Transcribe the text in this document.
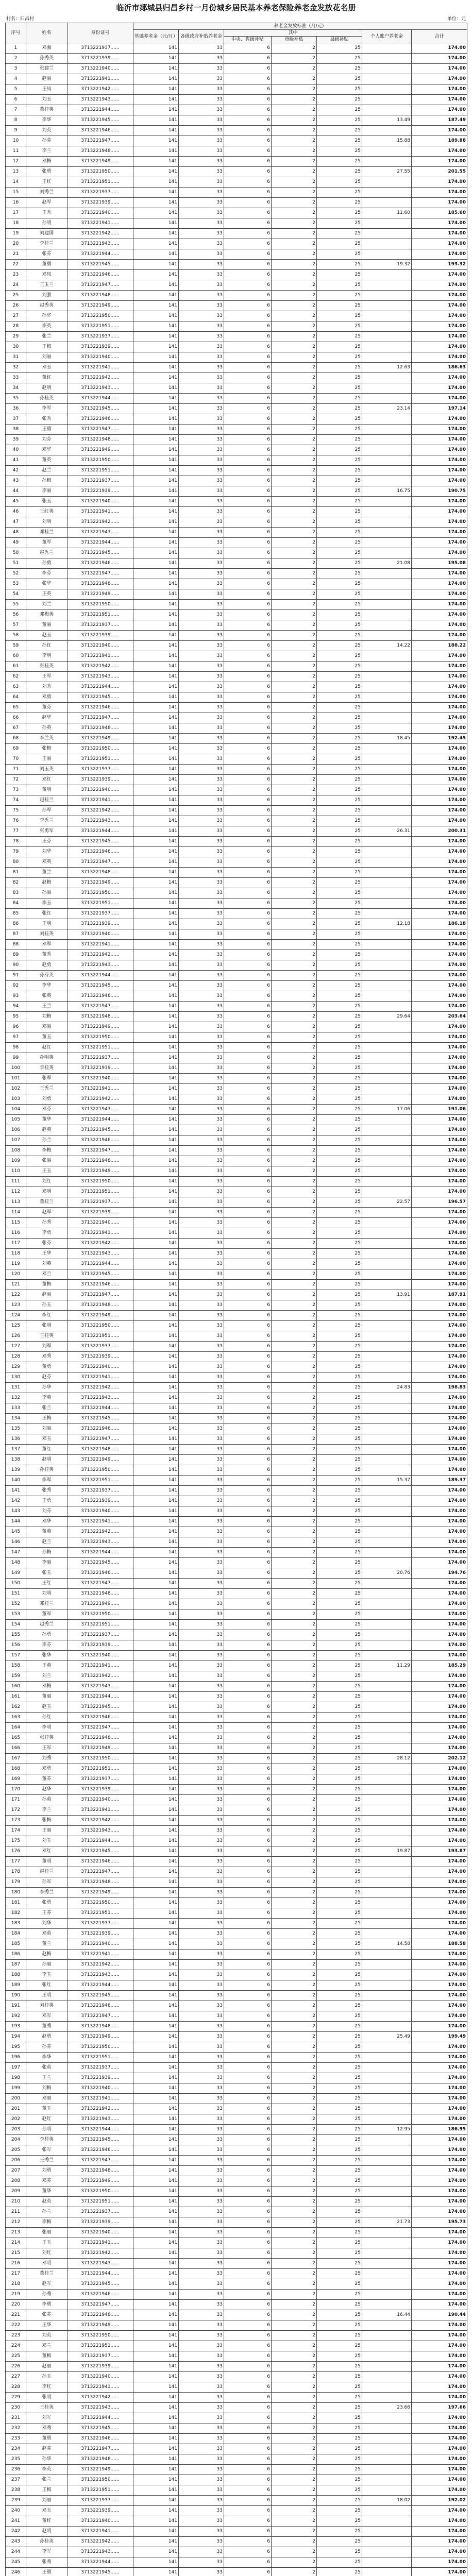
临沂市郯城县归昌乡村一月份城乡居民基本养老保险养老金发放花名册
村名：归昌村	单位：元
序号	姓名	身份证号	养老金发放标准（月/元）						
			基础养老金（元/月）	各级政府补贴养老金	其中			个人账户养老金	合计
					中央、省级补贴	市级补贴	县级补贴		
1	邓强	3713221937......	141	33	6	2	25		174.00
2	孙秀英	3713221939......	141	33	6	2	25		174.00
3	张建兰	3713221940......	141	33	6	2	25		174.00
4	赵丽	3713221941......	141	33	6	2	25		174.00
5	王凤	3713221942......	141	33	6	2	25		174.00
6	刘玉	3713221943......	141	33	6	2	25		174.00
7	董桂英	3713221944......	141	33	6	2	25		174.00
8	李华	3713221945......	141	33	6	2	25	13.49	187.49
9	刘英	3713221946......	141	33	6	2	25		174.00
10	孙芬	3713221947......	141	33	6	2	25	15.88	189.88
11	李兰	3713221948......	141	33	6	2	25		174.00
12	邓梅	3713221949......	141	33	6	2	25		174.00
13	张勇	3713221950......	141	33	6	2	25	27.55	201.55
14	王红	3713221951......	141	33	6	2	25		174.00
15	刘秀兰	3713221937......	141	33	6	2	25		174.00
16	赵军	3713221939......	141	33	6	2	25		174.00
17	王秀	3713221940......	141	33	6	2	25	11.60	185.60
18	孙明	3713221941......	141	33	6	2	25		174.00
19	刘建国	3713221942......	141	33	6	2	25		174.00
20	李桂兰	3713221943......	141	33	6	2	25		174.00
21	张芬	3713221944......	141	33	6	2	25		174.00
22	董勇	3713221945......	141	33	6	2	25	19.32	193.32
23	邓凤	3713221946......	141	33	6	2	25		174.00
24	王玉兰	3713221947......	141	33	6	2	25		174.00
25	刘强	3713221948......	141	33	6	2	25		174.00
26	赵秀英	3713221949......	141	33	6	2	25		174.00
27	孙华	3713221950......	141	33	6	2	25		174.00
28	李英	3713221951......	141	33	6	2	25		174.00
29	张兰	3713221937......	141	33	6	2	25		174.00
30	王梅	3713221939......	141	33	6	2	25		174.00
31	刘丽	3713221940......	141	33	6	2	25		174.00
32	邓玉	3713221941......	141	33	6	2	25	12.63	186.63
33	董红	3713221942......	141	33	6	2	25		174.00
34	赵明	3713221943......	141	33	6	2	25		174.00
35	孙桂英	3713221944......	141	33	6	2	25		174.00
36	李军	3713221945......	141	33	6	2	25	23.14	197.14
37	张秀	3713221946......	141	33	6	2	25		174.00
38	王勇	3713221947......	141	33	6	2	25		174.00
39	刘芬	3713221948......	141	33	6	2	25		174.00
40	邓华	3713221949......	141	33	6	2	25		174.00
41	董英	3713221950......	141	33	6	2	25		174.00
42	赵兰	3713221951......	141	33	6	2	25		174.00
43	孙梅	3713221937......	141	33	6	2	25		174.00
44	李丽	3713221939......	141	33	6	2	25	16.75	190.75
45	张玉	3713221940......	141	33	6	2	25		174.00
46	王红英	3713221941......	141	33	6	2	25		174.00
47	刘明	3713221942......	141	33	6	2	25		174.00
48	邓桂兰	3713221943......	141	33	6	2	25		174.00
49	董军	3713221944......	141	33	6	2	25		174.00
50	赵秀兰	3713221945......	141	33	6	2	25		174.00
51	孙勇	3713221946......	141	33	6	2	25	21.08	195.08
52	李芬	3713221947......	141	33	6	2	25		174.00
53	张华	3713221948......	141	33	6	2	25		174.00
54	王英	3713221949......	141	33	6	2	25		174.00
55	刘兰	3713221950......	141	33	6	2	25		174.00
56	邓梅英	3713221951......	141	33	6	2	25		174.00
57	董丽	3713221937......	141	33	6	2	25		174.00
58	赵玉	3713221939......	141	33	6	2	25		174.00
59	孙红	3713221940......	141	33	6	2	25	14.22	188.22
60	李明	3713221941......	141	33	6	2	25		174.00
61	张桂英	3713221942......	141	33	6	2	25		174.00
62	王军	3713221943......	141	33	6	2	25		174.00
63	刘秀	3713221944......	141	33	6	2	25		174.00
64	邓勇	3713221945......	141	33	6	2	25		174.00
65	董芬	3713221946......	141	33	6	2	25		174.00
66	赵华	3713221947......	141	33	6	2	25		174.00
67	孙英	3713221948......	141	33	6	2	25		174.00
68	李兰英	3713221949......	141	33	6	2	25	18.45	192.45
69	张梅	3713221950......	141	33	6	2	25		174.00
70	王丽	3713221951......	141	33	6	2	25		174.00
71	刘玉英	3713221937......	141	33	6	2	25		174.00
72	邓红	3713221939......	141	33	6	2	25		174.00
73	董明	3713221940......	141	33	6	2	25		174.00
74	赵桂兰	3713221941......	141	33	6	2	25		174.00
75	孙军	3713221942......	141	33	6	2	25		174.00
76	李秀兰	3713221943......	141	33	6	2	25		174.00
77	张勇军	3713221944......	141	33	6	2	25	26.31	200.31
78	王芬	3713221945......	141	33	6	2	25		174.00
79	刘华	3713221946......	141	33	6	2	25		174.00
80	邓英	3713221947......	141	33	6	2	25		174.00
81	董兰	3713221948......	141	33	6	2	25		174.00
82	赵梅	3713221949......	141	33	6	2	25		174.00
83	孙丽	3713221950......	141	33	6	2	25		174.00
84	李玉	3713221951......	141	33	6	2	25		174.00
85	张红	3713221937......	141	33	6	2	25		174.00
86	王明	3713221939......	141	33	6	2	25	12.18	186.18
87	刘桂英	3713221940......	141	33	6	2	25		174.00
88	邓军	3713221941......	141	33	6	2	25		174.00
89	董秀	3713221942......	141	33	6	2	25		174.00
90	赵勇	3713221943......	141	33	6	2	25		174.00
91	孙芬英	3713221944......	141	33	6	2	25		174.00
92	李华	3713221945......	141	33	6	2	25		174.00
93	张英	3713221946......	141	33	6	2	25		174.00
94	王兰	3713221947......	141	33	6	2	25		174.00
95	刘梅	3713221948......	141	33	6	2	25	29.64	203.64
96	邓丽	3713221949......	141	33	6	2	25		174.00
97	董玉	3713221950......	141	33	6	2	25		174.00
98	赵红	3713221951......	141	33	6	2	25		174.00
99	孙明英	3713221937......	141	33	6	2	25		174.00
100	李桂英	3713221939......	141	33	6	2	25		174.00
101	张军	3713221940......	141	33	6	2	25		174.00
102	王秀兰	3713221941......	141	33	6	2	25		174.00
103	刘勇	3713221942......	141	33	6	2	25		174.00
104	邓芬	3713221943......	141	33	6	2	25	17.06	191.06
105	董华	3713221944......	141	33	6	2	25		174.00
106	赵英	3713221945......	141	33	6	2	25		174.00
107	孙兰	3713221946......	141	33	6	2	25		174.00
108	李梅	3713221947......	141	33	6	2	25		174.00
109	张丽	3713221948......	141	33	6	2	25		174.00
110	王玉	3713221949......	141	33	6	2	25		174.00
111	刘红	3713221950......	141	33	6	2	25		174.00
112	邓明	3713221951......	141	33	6	2	25		174.00
113	董桂兰	3713221937......	141	33	6	2	25	22.57	196.57
114	赵军	3713221939......	141	33	6	2	25		174.00
115	孙秀	3713221940......	141	33	6	2	25		174.00
116	李勇	3713221941......	141	33	6	2	25		174.00
117	张芬	3713221942......	141	33	6	2	25		174.00
118	王华	3713221943......	141	33	6	2	25		174.00
119	刘英	3713221944......	141	33	6	2	25		174.00
120	邓兰	3713221945......	141	33	6	2	25		174.00
121	董梅	3713221946......	141	33	6	2	25		174.00
122	赵丽	3713221947......	141	33	6	2	25	13.91	187.91
123	孙玉	3713221948......	141	33	6	2	25		174.00
124	李红	3713221949......	141	33	6	2	25		174.00
125	张明	3713221950......	141	33	6	2	25		174.00
126	王桂英	3713221951......	141	33	6	2	25		174.00
127	刘军	3713221937......	141	33	6	2	25		174.00
128	邓秀	3713221939......	141	33	6	2	25		174.00
129	董勇	3713221940......	141	33	6	2	25		174.00
130	赵芬	3713221941......	141	33	6	2	25		174.00
131	孙华	3713221942......	141	33	6	2	25	24.83	198.83
132	李英	3713221943......	141	33	6	2	25		174.00
133	张兰	3713221944......	141	33	6	2	25		174.00
134	王梅	3713221945......	141	33	6	2	25		174.00
135	刘丽	3713221946......	141	33	6	2	25		174.00
136	邓玉	3713221947......	141	33	6	2	25		174.00
137	董红	3713221948......	141	33	6	2	25		174.00
138	赵明	3713221949......	141	33	6	2	25		174.00
139	孙桂英	3713221950......	141	33	6	2	25		174.00
140	李军	3713221951......	141	33	6	2	25	15.37	189.37
141	张秀	3713221937......	141	33	6	2	25		174.00
142	王勇	3713221939......	141	33	6	2	25		174.00
143	刘芬	3713221940......	141	33	6	2	25		174.00
144	邓华	3713221941......	141	33	6	2	25		174.00
145	董英	3713221942......	141	33	6	2	25		174.00
146	赵兰	3713221943......	141	33	6	2	25		174.00
147	孙梅	3713221944......	141	33	6	2	25		174.00
148	李丽	3713221945......	141	33	6	2	25		174.00
149	张玉	3713221946......	141	33	6	2	25	20.76	194.76
150	王红	3713221947......	141	33	6	2	25		174.00
151	刘明	3713221948......	141	33	6	2	25		174.00
152	邓桂兰	3713221949......	141	33	6	2	25		174.00
153	董军	3713221950......	141	33	6	2	25		174.00
154	赵秀兰	3713221951......	141	33	6	2	25		174.00
155	孙勇	3713221937......	141	33	6	2	25		174.00
156	李芬	3713221939......	141	33	6	2	25		174.00
157	张华	3713221940......	141	33	6	2	25		174.00
158	王英	3713221941......	141	33	6	2	25	11.29	185.29
159	刘兰	3713221942......	141	33	6	2	25		174.00
160	邓梅	3713221943......	141	33	6	2	25		174.00
161	董丽	3713221944......	141	33	6	2	25		174.00
162	赵玉	3713221945......	141	33	6	2	25		174.00
163	孙红	3713221946......	141	33	6	2	25		174.00
164	李明	3713221947......	141	33	6	2	25		174.00
165	张桂英	3713221948......	141	33	6	2	25		174.00
166	王军	3713221949......	141	33	6	2	25		174.00
167	刘秀	3713221950......	141	33	6	2	25	28.12	202.12
168	邓勇	3713221951......	141	33	6	2	25		174.00
169	董芬	3713221937......	141	33	6	2	25		174.00
170	赵华	3713221939......	141	33	6	2	25		174.00
171	孙英	3713221940......	141	33	6	2	25		174.00
172	李兰	3713221941......	141	33	6	2	25		174.00
173	张梅	3713221942......	141	33	6	2	25		174.00
174	王丽	3713221943......	141	33	6	2	25		174.00
175	刘玉	3713221944......	141	33	6	2	25		174.00
176	邓红	3713221945......	141	33	6	2	25	19.87	193.87
177	董明	3713221946......	141	33	6	2	25		174.00
178	赵桂兰	3713221947......	141	33	6	2	25		174.00
179	孙军	3713221948......	141	33	6	2	25		174.00
180	李秀兰	3713221949......	141	33	6	2	25		174.00
181	张勇	3713221950......	141	33	6	2	25		174.00
182	王芬	3713221951......	141	33	6	2	25		174.00
183	刘华	3713221937......	141	33	6	2	25		174.00
184	邓英	3713221939......	141	33	6	2	25		174.00
185	董兰	3713221940......	141	33	6	2	25	14.58	188.58
186	赵梅	3713221941......	141	33	6	2	25		174.00
187	孙丽	3713221942......	141	33	6	2	25		174.00
188	李玉	3713221943......	141	33	6	2	25		174.00
189	张红	3713221944......	141	33	6	2	25		174.00
190	王明	3713221945......	141	33	6	2	25		174.00
191	刘桂英	3713221946......	141	33	6	2	25		174.00
192	邓军	3713221947......	141	33	6	2	25		174.00
193	董秀	3713221948......	141	33	6	2	25		174.00
194	赵勇	3713221949......	141	33	6	2	25	25.49	199.49
195	孙芬	3713221950......	141	33	6	2	25		174.00
196	李华	3713221951......	141	33	6	2	25		174.00
197	张英	3713221937......	141	33	6	2	25		174.00
198	王兰	3713221939......	141	33	6	2	25		174.00
199	刘梅	3713221940......	141	33	6	2	25		174.00
200	邓丽	3713221941......	141	33	6	2	25		174.00
201	董玉	3713221942......	141	33	6	2	25		174.00
202	赵红	3713221943......	141	33	6	2	25		174.00
203	孙明	3713221944......	141	33	6	2	25	12.95	186.95
204	李桂英	3713221945......	141	33	6	2	25		174.00
205	张军	3713221946......	141	33	6	2	25		174.00
206	王秀兰	3713221947......	141	33	6	2	25		174.00
207	刘勇	3713221948......	141	33	6	2	25		174.00
208	邓芬	3713221949......	141	33	6	2	25		174.00
209	董华	3713221950......	141	33	6	2	25		174.00
210	赵英	3713221951......	141	33	6	2	25		174.00
211	孙兰	3713221937......	141	33	6	2	25		174.00
212	李梅	3713221939......	141	33	6	2	25	21.73	195.73
213	张丽	3713221940......	141	33	6	2	25		174.00
214	王玉	3713221941......	141	33	6	2	25		174.00
215	刘红	3713221942......	141	33	6	2	25		174.00
216	邓明	3713221943......	141	33	6	2	25		174.00
217	董桂兰	3713221944......	141	33	6	2	25		174.00
218	赵军	3713221945......	141	33	6	2	25		174.00
219	孙秀	3713221946......	141	33	6	2	25		174.00
220	李勇	3713221947......	141	33	6	2	25		174.00
221	张芬	3713221948......	141	33	6	2	25	16.44	190.44
222	王华	3713221949......	141	33	6	2	25		174.00
223	刘英	3713221950......	141	33	6	2	25		174.00
224	邓兰	3713221951......	141	33	6	2	25		174.00
225	董梅	3713221937......	141	33	6	2	25		174.00
226	赵丽	3713221939......	141	33	6	2	25		174.00
227	孙玉	3713221940......	141	33	6	2	25		174.00
228	李红	3713221941......	141	33	6	2	25		174.00
229	张明	3713221942......	141	33	6	2	25		174.00
230	王桂英	3713221943......	141	33	6	2	25	23.66	197.66
231	刘军	3713221944......	141	33	6	2	25		174.00
232	邓秀	3713221945......	141	33	6	2	25		174.00
233	董勇	3713221946......	141	33	6	2	25		174.00
234	赵芬	3713221947......	141	33	6	2	25		174.00
235	孙华	3713221948......	141	33	6	2	25		174.00
236	李英	3713221949......	141	33	6	2	25		174.00
237	张兰	3713221950......	141	33	6	2	25		174.00
238	王梅	3713221951......	141	33	6	2	25		174.00
239	刘丽	3713221937......	141	33	6	2	25	18.02	192.02
240	邓玉	3713221939......	141	33	6	2	25		174.00
241	董红	3713221940......	141	33	6	2	25		174.00
242	赵明	3713221941......	141	33	6	2	25		174.00
243	孙桂英	3713221942......	141	33	6	2	25		174.00
244	李军	3713221943......	141	33	6	2	25		174.00
245	张秀	3713221944......	141	33	6	2	25		174.00
246	王勇	3713221945......	141	33	6	2	25		174.00
